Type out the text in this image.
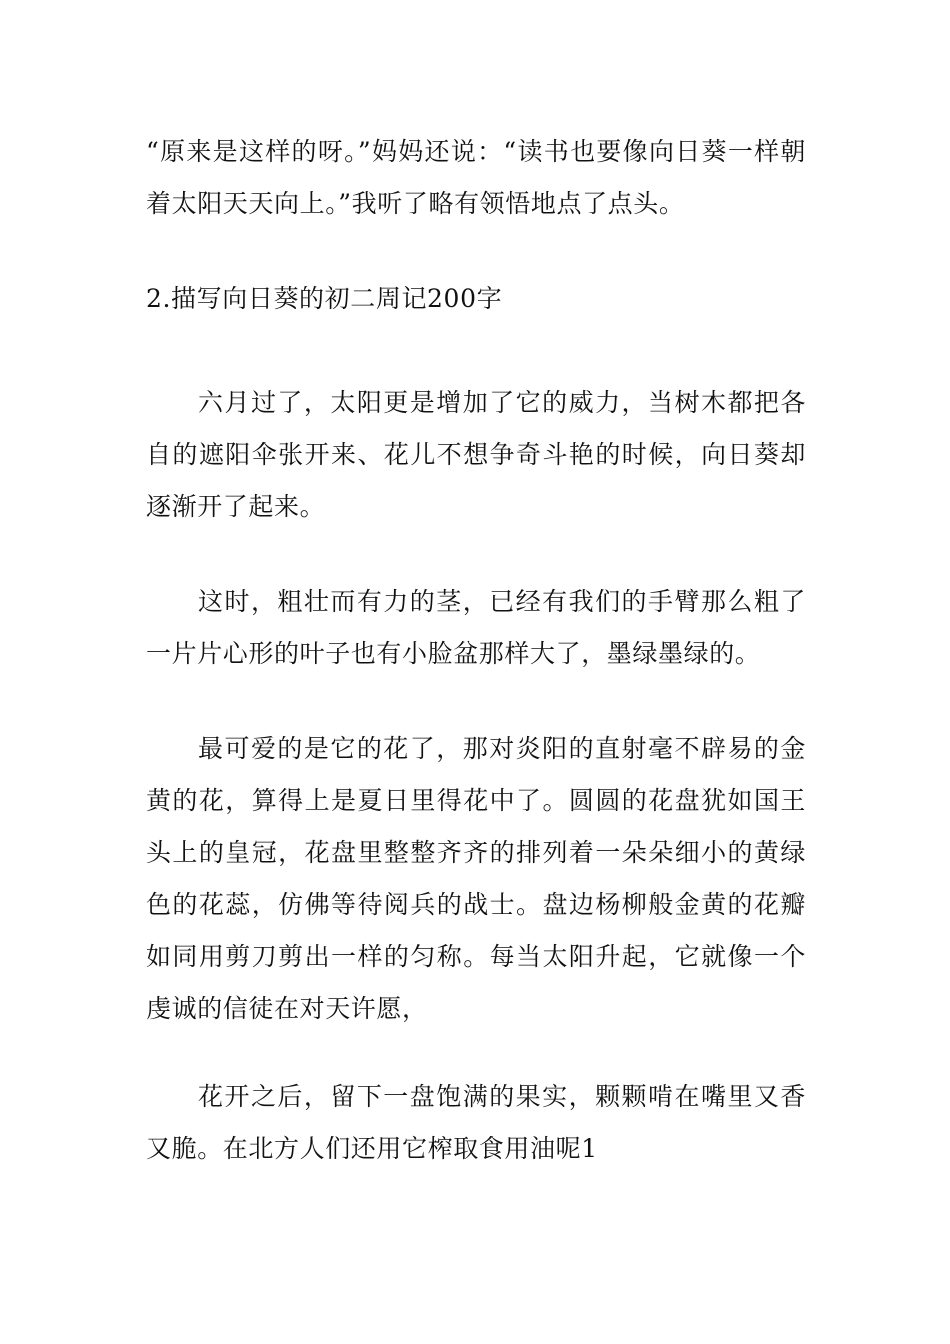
“原来是这样的呀。”妈妈还说：“读书也要像向日葵一样朝着太阳天天向上。”我听了略有领悟地点了点头。

2.描写向日葵的初二周记200字

六月过了，太阳更是增加了它的威力，当树木都把各自的遮阳伞张开来、花儿不想争奇斗艳的时候，向日葵却逐渐开了起来。

这时，粗壮而有力的茎，已经有我们的手臂那么粗了一片片心形的叶子也有小脸盆那样大了，墨绿墨绿的。

最可爱的是它的花了，那对炎阳的直射毫不辟易的金黄的花，算得上是夏日里得花中了。圆圆的花盘犹如国王头上的皇冠，花盘里整整齐齐的排列着一朵朵细小的黄绿色的花蕊，仿佛等待阅兵的战士。盘边杨柳般金黄的花瓣如同用剪刀剪出一样的匀称。每当太阳升起，它就像一个虔诚的信徒在对天许愿，

花开之后，留下一盘饱满的果实，颗颗啃在嘴里又香又脆。在北方人们还用它榨取食用油呢1
